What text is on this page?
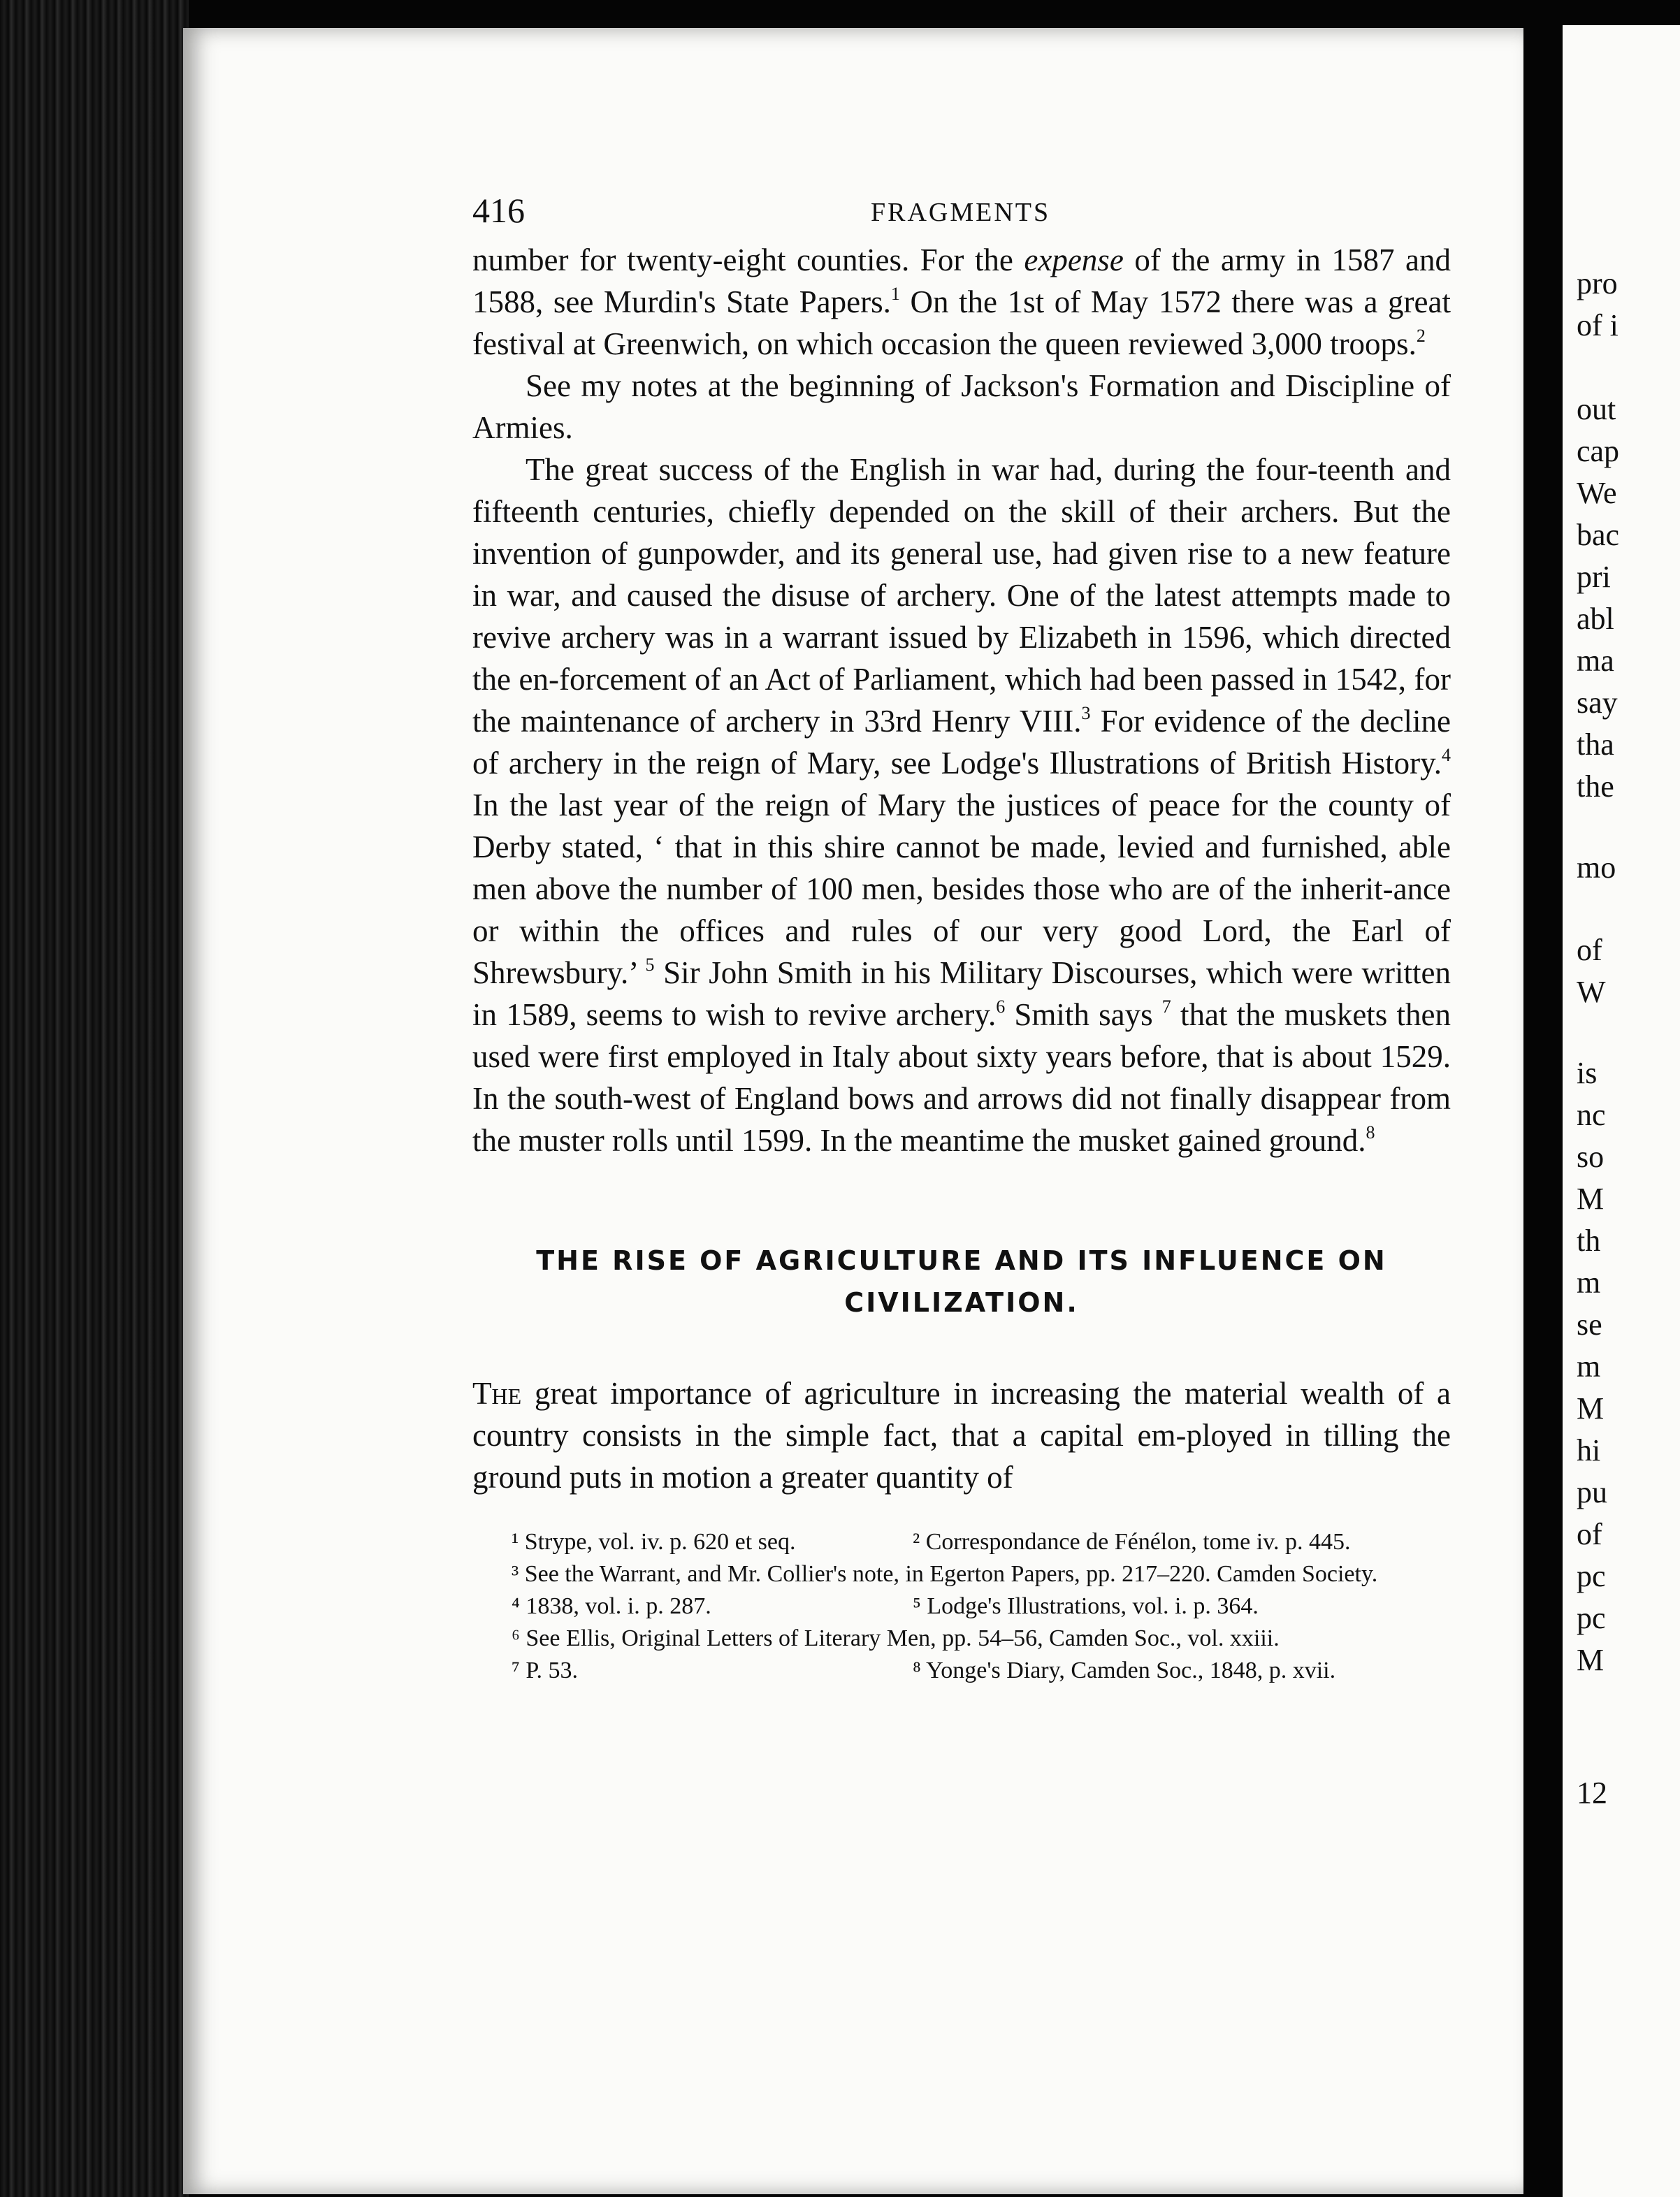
416	FRAGMENTS

number for twenty-eight counties. For the expense of the army in 1587 and 1588, see Murdin's State Papers.$^1$ On the 1st of May 1572 there was a great festival at Greenwich, on which occasion the queen reviewed 3,000 troops.$^2$

See my notes at the beginning of Jackson's Formation and Discipline of Armies.

The great success of the English in war had, during the four-teenth and fifteenth centuries, chiefly depended on the skill of their archers. But the invention of gunpowder, and its general use, had given rise to a new feature in war, and caused the disuse of archery. One of the latest attempts made to revive archery was in a warrant issued by Elizabeth in 1596, which directed the en-forcement of an Act of Parliament, which had been passed in 1542, for the maintenance of archery in 33rd Henry VIII.$^3$ For evidence of the decline of archery in the reign of Mary, see Lodge's Illustrations of British History.$^4$ In the last year of the reign of Mary the justices of peace for the county of Derby stated, ‘ that in this shire cannot be made, levied and furnished, able men above the number of 100 men, besides those who are of the inherit-ance or within the offices and rules of our very good Lord, the Earl of Shrewsbury.’ $^5$ Sir John Smith in his Military Discourses, which were written in 1589, seems to wish to revive archery.$^6$ Smith says $^7$ that the muskets then used were first employed in Italy about sixty years before, that is about 1529. In the south-west of England bows and arrows did not finally disappear from the muster rolls until 1599. In the meantime the musket gained ground.$^8$

THE RISE OF AGRICULTURE AND ITS INFLUENCE ON
CIVILIZATION.
The great importance of agriculture in increasing the material wealth of a country consists in the simple fact, that a capital em-ployed in tilling the ground puts in motion a greater quantity of
¹ Strype, vol. iv. p. 620 et seq.	² Correspondance de Fénélon, tome iv. p. 445.
³ See the Warrant, and Mr. Collier's note, in Egerton Papers, pp. 217–220. Camden Society.
⁴ 1838, vol. i. p. 287.	⁵ Lodge's Illustrations, vol. i. p. 364.
⁶ See Ellis, Original Letters of Literary Men, pp. 54–56, Camden Soc., vol. xxiii.
⁷ P. 53.	⁸ Yonge's Diary, Camden Soc., 1848, p. xvii.
pro
of i
out
cap
We
bac
pri
abl
ma
say
tha
the
mo
of
W
is
nc
so
M
th
m
se
m
M
hi
pu
of
pc
pc
M
12
